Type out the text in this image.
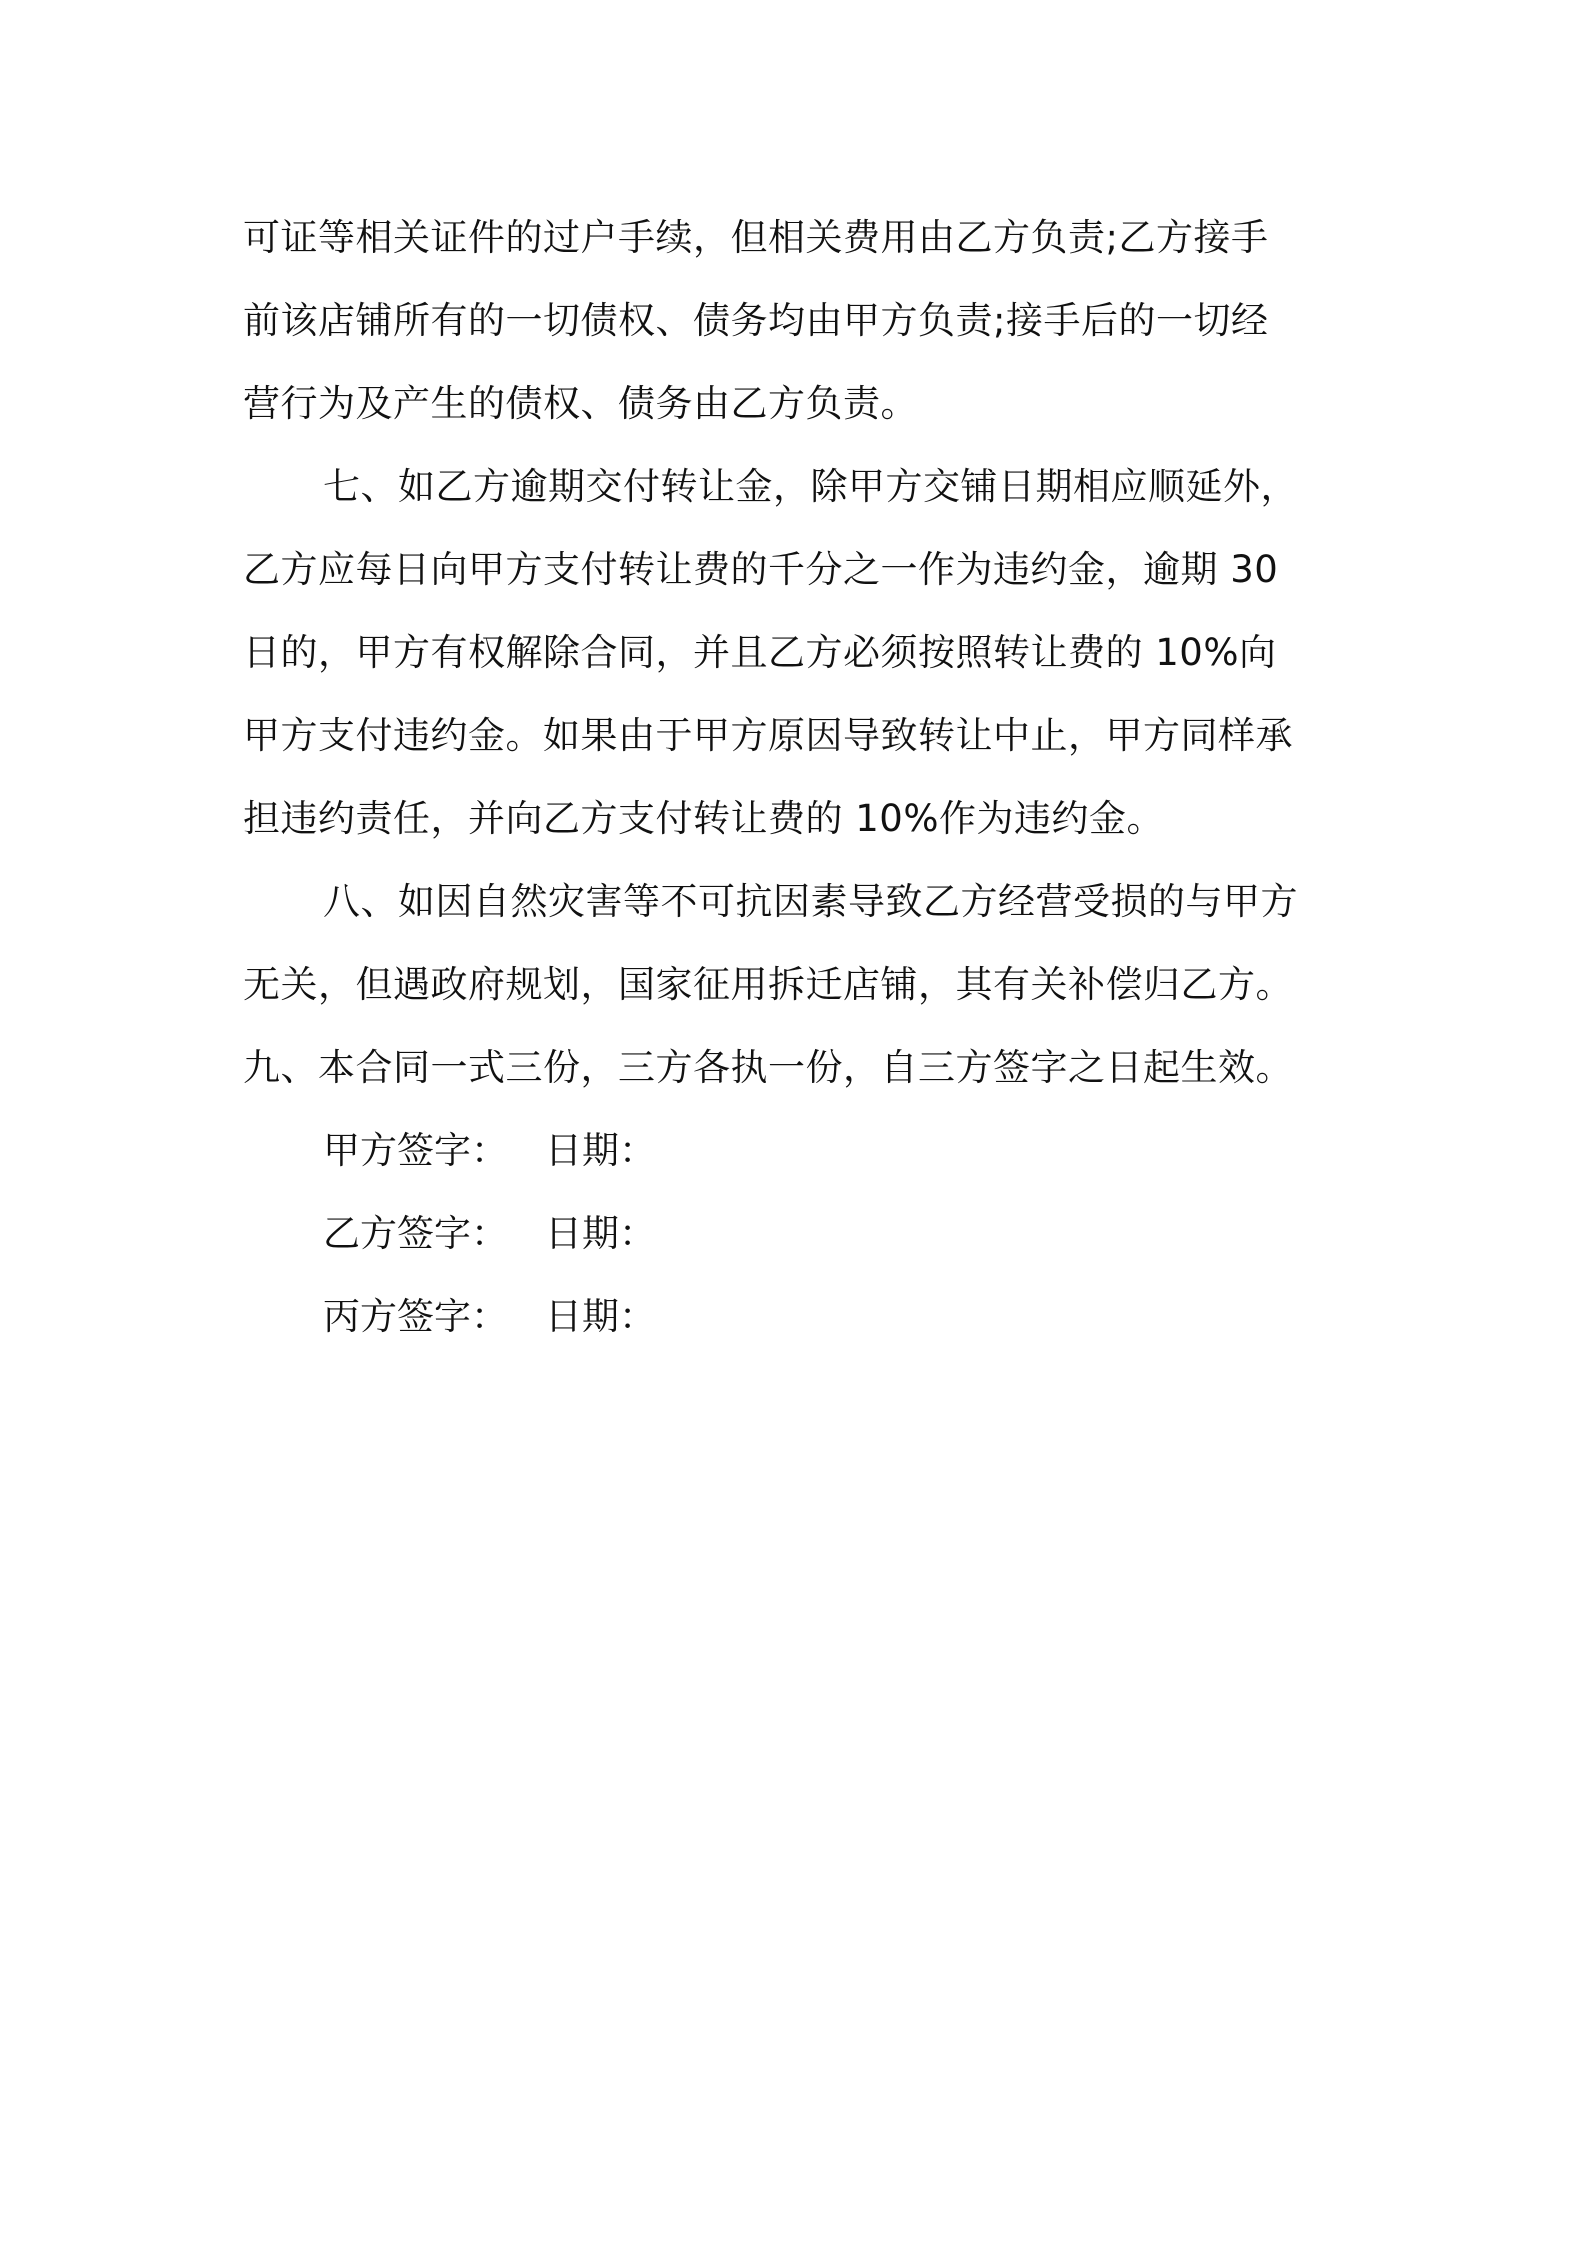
可证等相关证件的过户手续，但相关费用由乙方负责;乙方接手
前该店铺所有的一切债权、债务均由甲方负责;接手后的一切经
营行为及产生的债权、债务由乙方负责。
七、如乙方逾期交付转让金，除甲方交铺日期相应顺延外，
乙方应每日向甲方支付转让费的千分之一作为违约金，逾期 30
日的，甲方有权解除合同，并且乙方必须按照转让费的 10%向
甲方支付违约金。如果由于甲方原因导致转让中止，甲方同样承
担违约责任，并向乙方支付转让费的 10%作为违约金。
八、如因自然灾害等不可抗因素导致乙方经营受损的与甲方
无关，但遇政府规划，国家征用拆迁店铺，其有关补偿归乙方。
九、本合同一式三份，三方各执一份，自三方签字之日起生效。
甲方签字：	日期：
乙方签字：	日期：
丙方签字：	日期：
